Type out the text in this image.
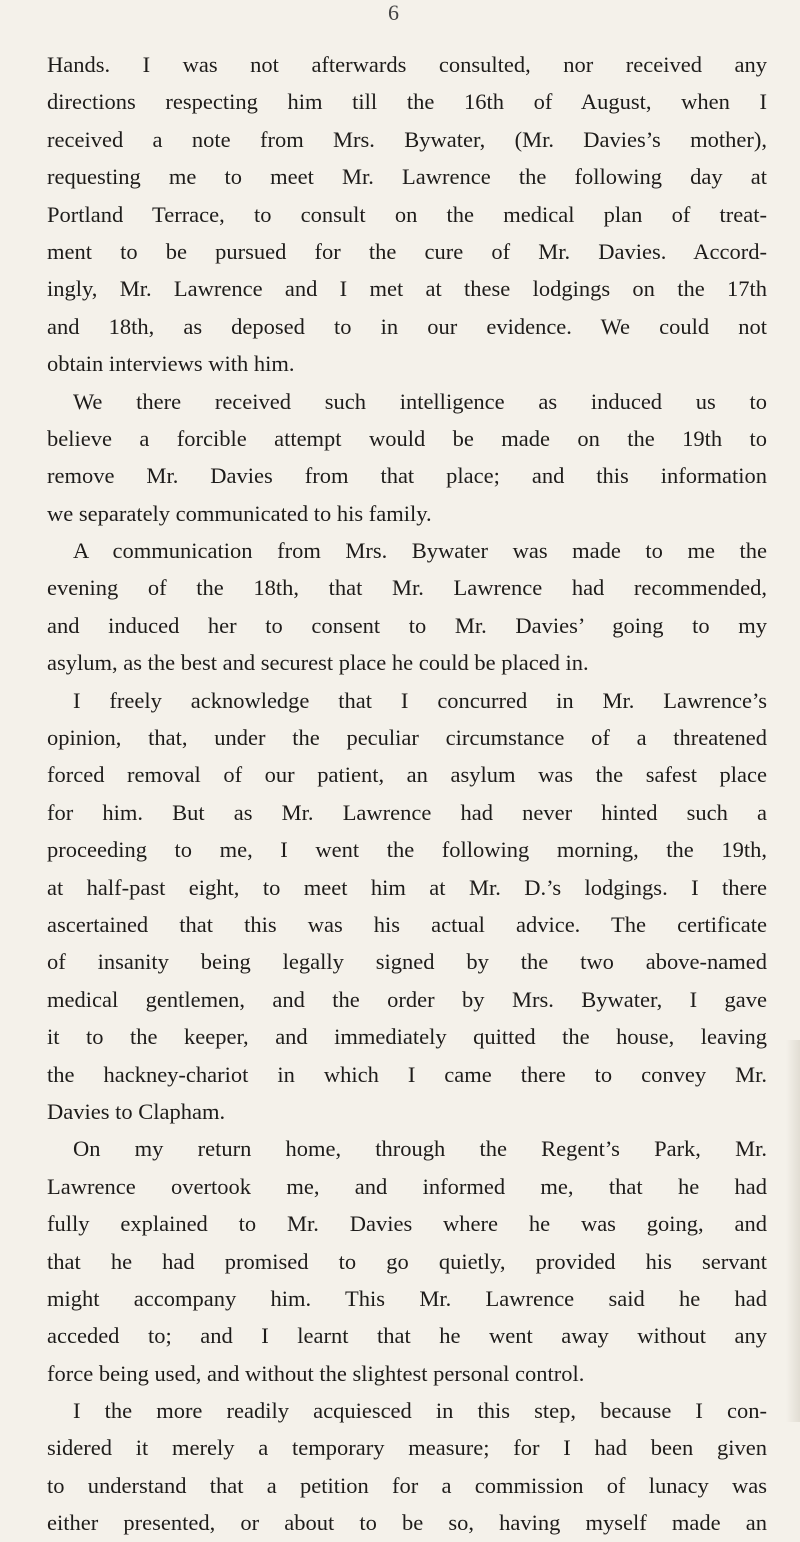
6
Hands. I was not afterwards consulted, nor received any
directions respecting him till the 16th of August, when I
received a note from Mrs. Bywater, (Mr. Davies’s mother),
requesting me to meet Mr. Lawrence the following day at
Portland Terrace, to consult on the medical plan of treat-
ment to be pursued for the cure of Mr. Davies. Accord-
ingly, Mr. Lawrence and I met at these lodgings on the 17th
and 18th, as deposed to in our evidence. We could not
obtain interviews with him.
We there received such intelligence as induced us to
believe a forcible attempt would be made on the 19th to
remove Mr. Davies from that place; and this information
we separately communicated to his family.
A communication from Mrs. Bywater was made to me the
evening of the 18th, that Mr. Lawrence had recommended,
and induced her to consent to Mr. Davies’ going to my
asylum, as the best and securest place he could be placed in.
I freely acknowledge that I concurred in Mr. Lawrence’s
opinion, that, under the peculiar circumstance of a threatened
forced removal of our patient, an asylum was the safest place
for him. But as Mr. Lawrence had never hinted such a
proceeding to me, I went the following morning, the 19th,
at half-past eight, to meet him at Mr. D.’s lodgings. I there
ascertained that this was his actual advice. The certificate
of insanity being legally signed by the two above-named
medical gentlemen, and the order by Mrs. Bywater, I gave
it to the keeper, and immediately quitted the house, leaving
the hackney-chariot in which I came there to convey Mr.
Davies to Clapham.
On my return home, through the Regent’s Park, Mr.
Lawrence overtook me, and informed me, that he had
fully explained to Mr. Davies where he was going, and
that he had promised to go quietly, provided his servant
might accompany him. This Mr. Lawrence said he had
acceded to; and I learnt that he went away without any
force being used, and without the slightest personal control.
I the more readily acquiesced in this step, because I con-
sidered it merely a temporary measure; for I had been given
to understand that a petition for a commission of lunacy was
either presented, or about to be so, having myself made an
